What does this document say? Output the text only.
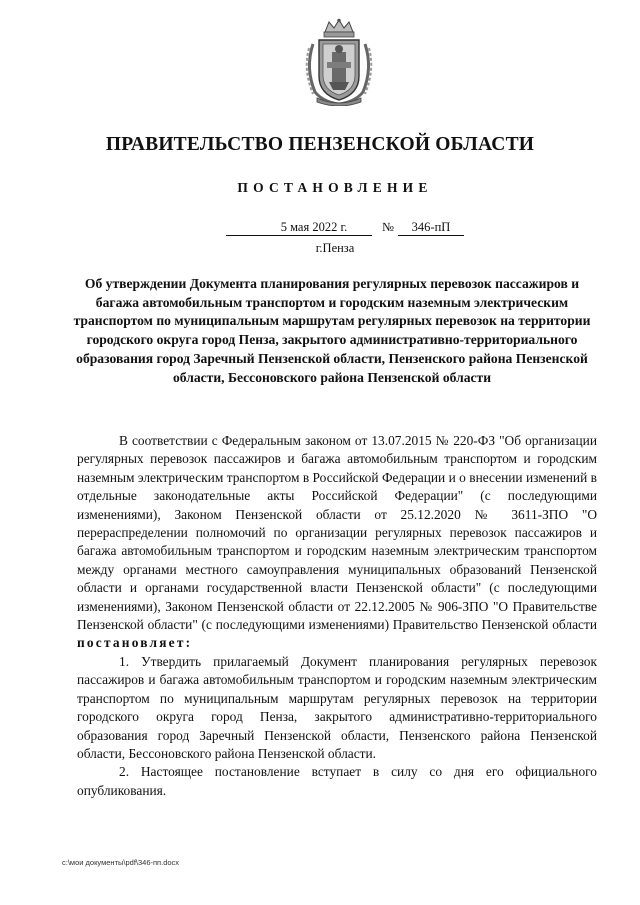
ПРАВИТЕЛЬСТВО ПЕНЗЕНСКОЙ ОБЛАСТИ
ПОСТАНОВЛЕНИЕ
5 мая 2022 г.	№	346-пП
г.Пенза
Об утверждении Документа планирования регулярных перевозок пассажиров и багажа автомобильным транспортом и городским наземным электрическим транспортом по муниципальным маршрутам регулярных перевозок на территории городского округа город Пенза, закрытого административно-территориального образования город Заречный Пензенской области, Пензенского района Пензенской области, Бессоновского района Пензенской области

В соответствии с Федеральным законом от 13.07.2015 № 220-ФЗ "Об организации регулярных перевозок пассажиров и багажа автомобильным транспортом и городским наземным электрическим транспортом в Российской Федерации и о внесении изменений в отдельные законодательные акты Российской Федерации" (с последующими изменениями), Законом Пензенской области от 25.12.2020 № 3611-ЗПО "О перераспределении полномочий по организации регулярных перевозок пассажиров и багажа автомобильным транспортом и городским наземным электрическим транспортом между органами местного самоуправления муниципальных образований Пензенской области и органами государственной власти Пензенской области" (с последующими изменениями), Законом Пензенской области от 22.12.2005 № 906-ЗПО "О Правительстве Пензенской области" (с последующими изменениями) Правительство Пензенской области постановляет:

1. Утвердить прилагаемый Документ планирования регулярных перевозок пассажиров и багажа автомобильным транспортом и городским наземным электрическим транспортом по муниципальным маршрутам регулярных перевозок на территории городского округа город Пенза, закрытого административно-территориального образования город Заречный Пензенской области, Пензенского района Пензенской области, Бессоновского района Пензенской области.

2. Настоящее постановление вступает в силу со дня его официального опубликования.

c:\мои документы\pdf\346-пп.docx
